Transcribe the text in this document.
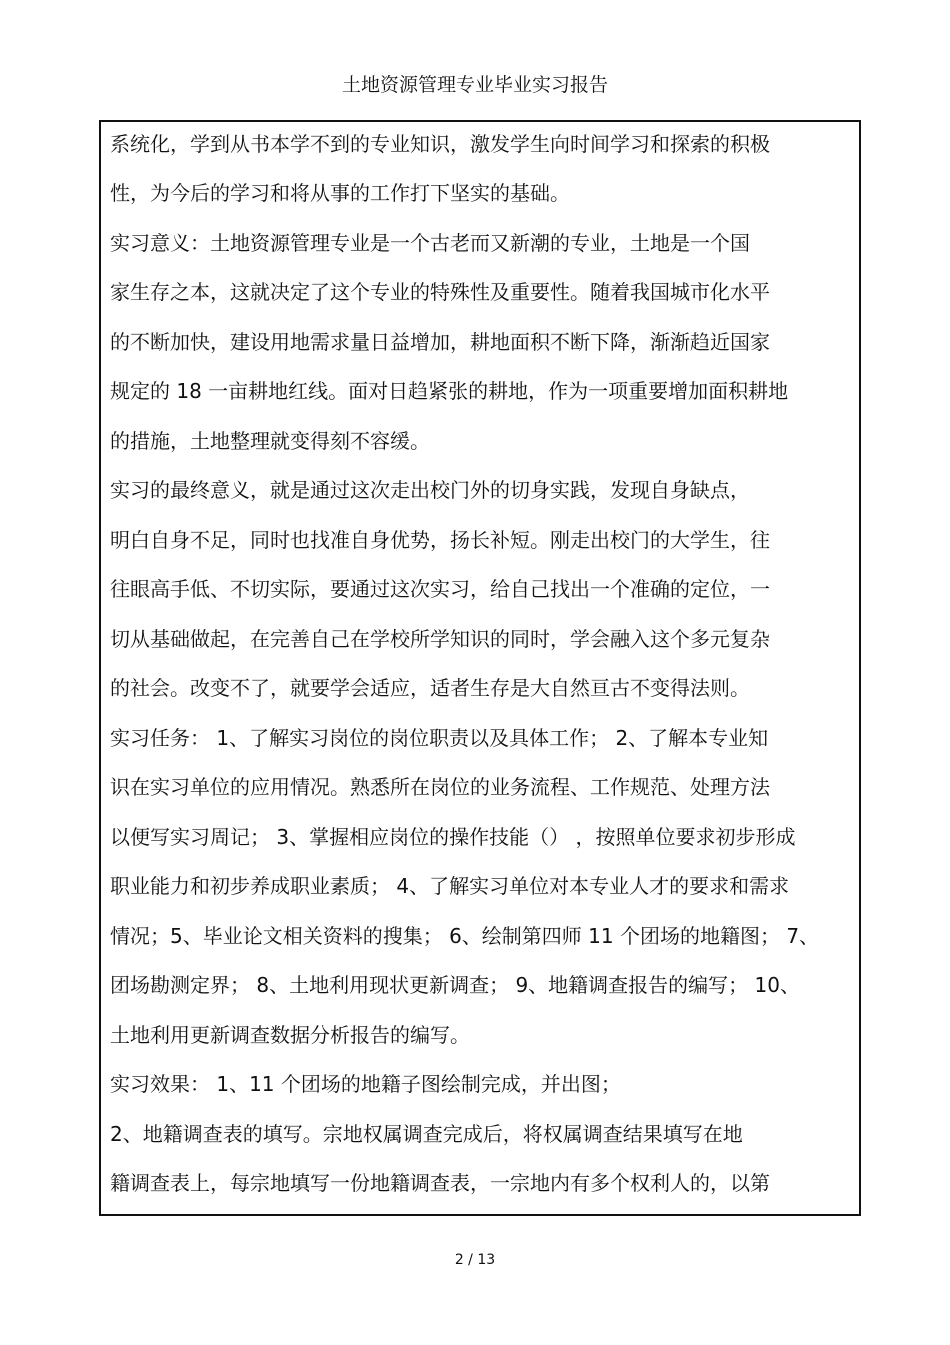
土地资源管理专业毕业实习报告
系统化，学到从书本学不到的专业知识，激发学生向时间学习和探索的积极
性，为今后的学习和将从事的工作打下坚实的基础。
实习意义：土地资源管理专业是一个古老而又新潮的专业，土地是一个国
家生存之本，这就决定了这个专业的特殊性及重要性。随着我国城市化水平
的不断加快，建设用地需求量日益增加，耕地面积不断下降，渐渐趋近国家
规定的 18 一亩耕地红线。面对日趋紧张的耕地，作为一项重要增加面积耕地
的措施，土地整理就变得刻不容缓。
实习的最终意义，就是通过这次走出校门外的切身实践，发现自身缺点，
明白自身不足，同时也找准自身优势，扬长补短。刚走出校门的大学生，往
往眼高手低、不切实际，要通过这次实习，给自己找出一个准确的定位，一
切从基础做起，在完善自己在学校所学知识的同时，学会融入这个多元复杂
的社会。改变不了，就要学会适应，适者生存是大自然亘古不变得法则。
实习任务： 1、了解实习岗位的岗位职责以及具体工作； 2、了解本专业知
识在实习单位的应用情况。熟悉所在岗位的业务流程、工作规范、处理方法
以便写实习周记； 3、掌握相应岗位的操作技能（） ，按照单位要求初步形成
职业能力和初步养成职业素质； 4、了解实习单位对本专业人才的要求和需求
情况；5、毕业论文相关资料的搜集； 6、绘制第四师 11 个团场的地籍图； 7、
团场勘测定界； 8、土地利用现状更新调查； 9、地籍调查报告的编写； 10、
土地利用更新调查数据分析报告的编写。
实习效果： 1、11 个团场的地籍子图绘制完成，并出图；
2、地籍调查表的填写。宗地权属调查完成后，将权属调查结果填写在地
籍调查表上，每宗地填写一份地籍调查表，一宗地内有多个权利人的，以第
2 / 13
